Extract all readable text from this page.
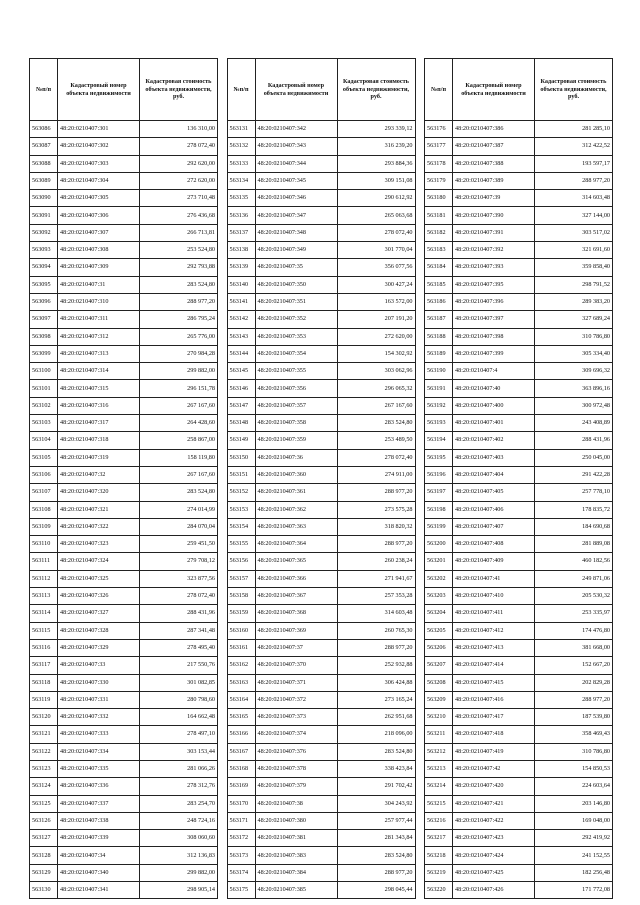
№п/п	Кадастровый номер объекта недвижимости	Кадастровая стоимость объекта недвижимости, руб.
563086	48:20:0210407:301	136 310,00
563087	48:20:0210407:302	278 072,40
563088	48:20:0210407:303	292 620,00
563089	48:20:0210407:304	272 620,00
563090	48:20:0210407:305	273 710,48
563091	48:20:0210407:306	276 436,68
563092	48:20:0210407:307	266 713,81
563093	48:20:0210407:308	253 524,80
563094	48:20:0210407:309	292 793,88
563095	48:20:0210407:31	283 524,80
563096	48:20:0210407:310	288 977,20
563097	48:20:0210407:311	286 795,24
563098	48:20:0210407:312	265 776,00
563099	48:20:0210407:313	270 984,28
563100	48:20:0210407:314	299 882,00
563101	48:20:0210407:315	296 151,78
563102	48:20:0210407:316	267 167,60
563103	48:20:0210407:317	264 428,60
563104	48:20:0210407:318	258 867,00
563105	48:20:0210407:319	158 119,80
563106	48:20:0210407:32	267 167,60
563107	48:20:0210407:320	283 524,80
563108	48:20:0210407:321	274 014,99
563109	48:20:0210407:322	284 070,04
563110	48:20:0210407:323	259 451,50
563111	48:20:0210407:324	279 708,12
563112	48:20:0210407:325	323 877,56
563113	48:20:0210407:326	278 072,40
563114	48:20:0210407:327	288 431,96
563115	48:20:0210407:328	287 341,48
563116	48:20:0210407:329	278 495,40
563117	48:20:0210407:33	217 550,76
563118	48:20:0210407:330	301 082,85
563119	48:20:0210407:331	280 798,60
563120	48:20:0210407:332	164 662,48
563121	48:20:0210407:333	278 497,10
563122	48:20:0210407:334	303 153,44
563123	48:20:0210407:335	281 066,26
563124	48:20:0210407:336	278 312,76
563125	48:20:0210407:337	283 254,70
563126	48:20:0210407:338	248 724,16
563127	48:20:0210407:339	308 060,60
563128	48:20:0210407:34	312 136,83
563129	48:20:0210407:340	299 882,00
563130	48:20:0210407:341	298 905,14
№п/п	Кадастровый номер объекта недвижимости	Кадастровая стоимость объекта недвижимости, руб.
563131	48:20:0210407:342	293 339,12
563132	48:20:0210407:343	316 239,20
563133	48:20:0210407:344	293 884,36
563134	48:20:0210407:345	309 151,08
563135	48:20:0210407:346	290 612,92
563136	48:20:0210407:347	265 063,68
563137	48:20:0210407:348	278 072,40
563138	48:20:0210407:349	301 770,04
563139	48:20:0210407:35	356 077,56
563140	48:20:0210407:350	300 427,24
563141	48:20:0210407:351	163 572,00
563142	48:20:0210407:352	207 191,20
563143	48:20:0210407:353	272 620,00
563144	48:20:0210407:354	154 302,92
563145	48:20:0210407:355	303 062,96
563146	48:20:0210407:356	296 065,32
563147	48:20:0210407:357	267 167,60
563148	48:20:0210407:358	283 524,80
563149	48:20:0210407:359	253 489,50
563150	48:20:0210407:36	278 072,40
563151	48:20:0210407:360	274 911,00
563152	48:20:0210407:361	288 977,20
563153	48:20:0210407:362	273 575,28
563154	48:20:0210407:363	318 820,32
563155	48:20:0210407:364	288 977,20
563156	48:20:0210407:365	260 238,24
563157	48:20:0210407:366	271 941,67
563158	48:20:0210407:367	257 353,28
563159	48:20:0210407:368	314 603,48
563160	48:20:0210407:369	260 765,30
563161	48:20:0210407:37	288 977,20
563162	48:20:0210407:370	252 932,88
563163	48:20:0210407:371	306 424,88
563164	48:20:0210407:372	273 165,24
563165	48:20:0210407:373	262 951,68
563166	48:20:0210407:374	218 096,00
563167	48:20:0210407:376	283 524,80
563168	48:20:0210407:378	338 423,84
563169	48:20:0210407:379	291 702,42
563170	48:20:0210407:38	304 243,92
563171	48:20:0210407:380	257 977,44
563172	48:20:0210407:381	281 343,84
563173	48:20:0210407:383	283 524,80
563174	48:20:0210407:384	288 977,20
563175	48:20:0210407:385	298 045,44
№п/п	Кадастровый номер объекта недвижимости	Кадастровая стоимость объекта недвижимости, руб.
563176	48:20:0210407:386	281 285,10
563177	48:20:0210407:387	312 422,52
563178	48:20:0210407:388	193 597,17
563179	48:20:0210407:389	288 977,20
563180	48:20:0210407:39	314 603,48
563181	48:20:0210407:390	327 144,00
563182	48:20:0210407:391	303 517,02
563183	48:20:0210407:392	321 691,60
563184	48:20:0210407:393	359 858,40
563185	48:20:0210407:395	298 791,52
563186	48:20:0210407:396	289 383,20
563187	48:20:0210407:397	327 689,24
563188	48:20:0210407:398	310 786,80
563189	48:20:0210407:399	305 334,40
563190	48:20:0210407:4	309 696,32
563191	48:20:0210407:40	363 896,16
563192	48:20:0210407:400	300 972,48
563193	48:20:0210407:401	243 408,89
563194	48:20:0210407:402	288 431,96
563195	48:20:0210407:403	250 045,00
563196	48:20:0210407:404	291 422,28
563197	48:20:0210407:405	257 778,10
563198	48:20:0210407:406	178 835,72
563199	48:20:0210407:407	184 690,68
563200	48:20:0210407:408	281 889,08
563201	48:20:0210407:409	460 182,56
563202	48:20:0210407:41	249 871,06
563203	48:20:0210407:410	205 530,32
563204	48:20:0210407:411	253 335,97
563205	48:20:0210407:412	174 476,80
563206	48:20:0210407:413	381 668,00
563207	48:20:0210407:414	152 667,20
563208	48:20:0210407:415	202 829,28
563209	48:20:0210407:416	288 977,20
563210	48:20:0210407:417	187 539,80
563211	48:20:0210407:418	358 469,43
563212	48:20:0210407:419	310 786,80
563213	48:20:0210407:42	154 850,53
563214	48:20:0210407:420	224 603,64
563215	48:20:0210407:421	203 146,80
563216	48:20:0210407:422	169 048,00
563217	48:20:0210407:423	292 419,92
563218	48:20:0210407:424	241 152,55
563219	48:20:0210407:425	182 256,48
563220	48:20:0210407:426	171 772,08
